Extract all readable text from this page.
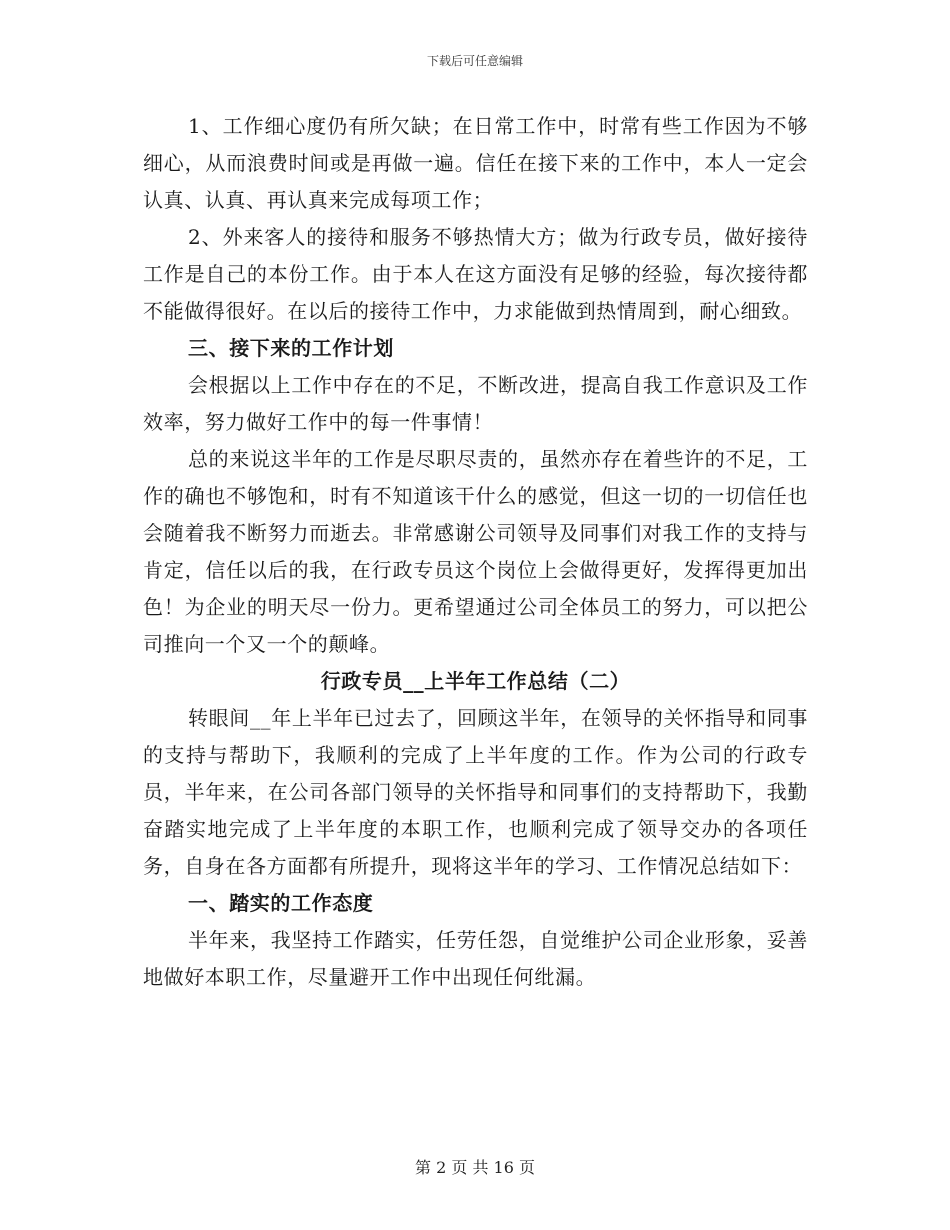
下载后可任意编辑

1、工作细心度仍有所欠缺；在日常工作中，时常有些工作因为不够细心，从而浪费时间或是再做一遍。信任在接下来的工作中，本人一定会认真、认真、再认真来完成每项工作；

2、外来客人的接待和服务不够热情大方；做为行政专员，做好接待工作是自己的本份工作。由于本人在这方面没有足够的经验，每次接待都不能做得很好。在以后的接待工作中，力求能做到热情周到，耐心细致。

三、接下来的工作计划

会根据以上工作中存在的不足，不断改进，提高自我工作意识及工作效率，努力做好工作中的每一件事情！

总的来说这半年的工作是尽职尽责的，虽然亦存在着些许的不足，工作的确也不够饱和，时有不知道该干什么的感觉，但这一切的一切信任也会随着我不断努力而逝去。非常感谢公司领导及同事们对我工作的支持与肯定，信任以后的我，在行政专员这个岗位上会做得更好，发挥得更加出色！为企业的明天尽一份力。更希望通过公司全体员工的努力，可以把公司推向一个又一个的颠峰。

行政专员__上半年工作总结（二）

转眼间__年上半年已过去了，回顾这半年，在领导的关怀指导和同事的支持与帮助下，我顺利的完成了上半年度的工作。作为公司的行政专员，半年来，在公司各部门领导的关怀指导和同事们的支持帮助下，我勤奋踏实地完成了上半年度的本职工作，也顺利完成了领导交办的各项任务，自身在各方面都有所提升，现将这半年的学习、工作情况总结如下：

一、踏实的工作态度

半年来，我坚持工作踏实，任劳任怨，自觉维护公司企业形象，妥善地做好本职工作，尽量避开工作中出现任何纰漏。

第 2 页 共 16 页
